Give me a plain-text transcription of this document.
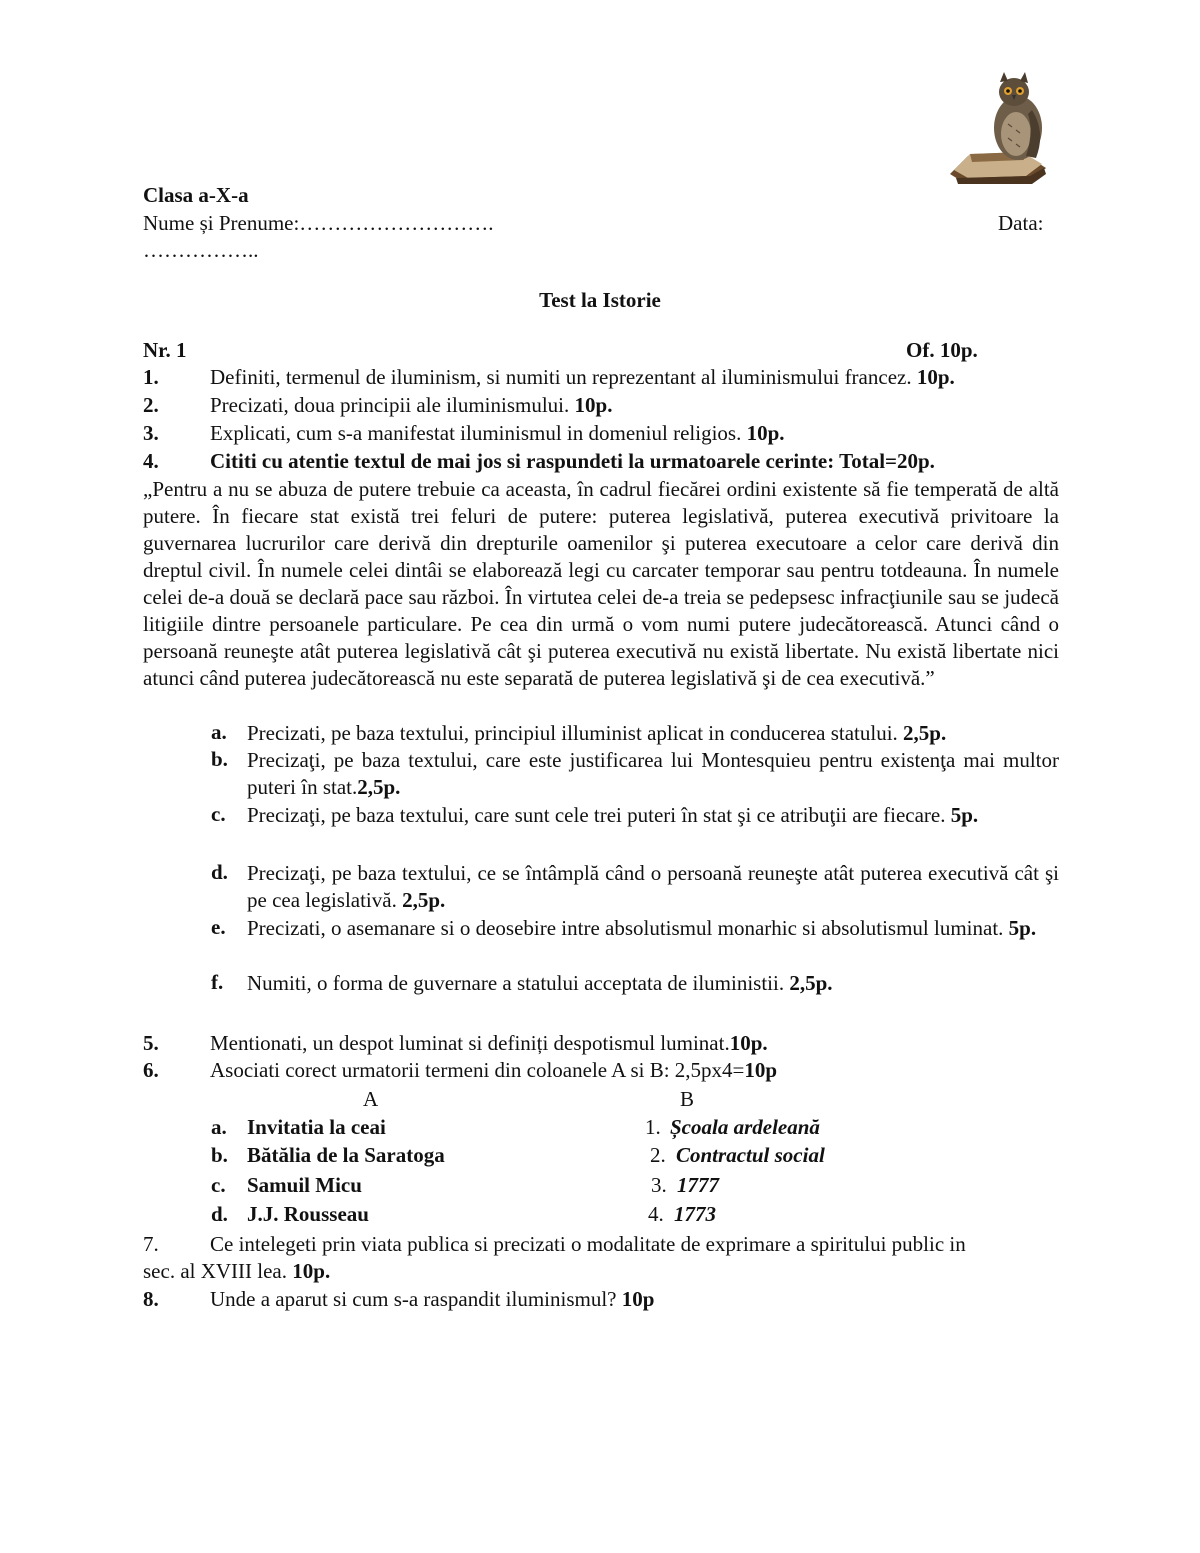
Clasa a-X-a
Nume și Prenume:……………………….	Data:
……………..
Test la Istorie
Nr. 1	Of. 10p.
1. Definiti, termenul de iluminism, si numiti un reprezentant al iluminismului francez. 10p.
2. Precizati, doua principii ale iluminismului. 10p.
3. Explicati, cum s-a manifestat iluminismul in domeniul religios. 10p.
4. Cititi cu atentie textul de mai jos si raspundeti la urmatoarele cerinte: Total=20p.
„Pentru a nu se abuza de putere trebuie ca aceasta, în cadrul fiecărei ordini existente să fie temperată de altă putere. În fiecare stat există trei feluri de putere: puterea legislativă, puterea executivă privitoare la guvernarea lucrurilor care derivă din drepturile oamenilor şi puterea executoare a celor care derivă din dreptul civil. În numele celei dintâi se elaborează legi cu carcater temporar sau pentru totdeauna. În numele celei de-a două se declară pace sau război. În virtutea celei de-a treia se pedepsesc infracţiunile sau se judecă litigiile dintre persoanele particulare. Pe cea din urmă o vom numi putere judecătorească. Atunci când o persoană reuneşte atât puterea legislativă cât şi puterea executivă nu există libertate. Nu există libertate nici atunci când puterea judecătorească nu este separată de puterea legislativă şi de cea executivă.”
a. Precizati, pe baza textului, principiul illuminist aplicat in conducerea statului. 2,5p.
b. Precizaţi, pe baza textului, care este justificarea lui Montesquieu pentru existenţa mai multor puteri în stat.2,5p.
c. Precizaţi, pe baza textului, care sunt cele trei puteri în stat şi ce atribuţii are fiecare. 5p.
d. Precizaţi, pe baza textului, ce se întâmplă când o persoană reuneşte atât puterea executivă cât şi pe cea legislativă. 2,5p.
e. Precizati, o asemanare si o deosebire intre absolutismul monarhic si absolutismul luminat. 5p.
f. Numiti, o forma de guvernare a statului acceptata de iluministii. 2,5p.
5. Mentionati, un despot luminat si definiți despotismul luminat.10p.
6. Asociati corect urmatorii termeni din coloanele A si B: 2,5px4=10p
A	B
a. Invitatia la ceai	1. Școala ardeleană
b. Bătălia de la Saratoga	2. Contractul social
c. Samuil Micu	3. 1777
d. J.J. Rousseau	4. 1773
7. Ce intelegeti prin viata publica si precizati o modalitate de exprimare a spiritului public in
sec. al XVIII lea. 10p.
8. Unde a aparut si cum s-a raspandit iluminismul? 10p
